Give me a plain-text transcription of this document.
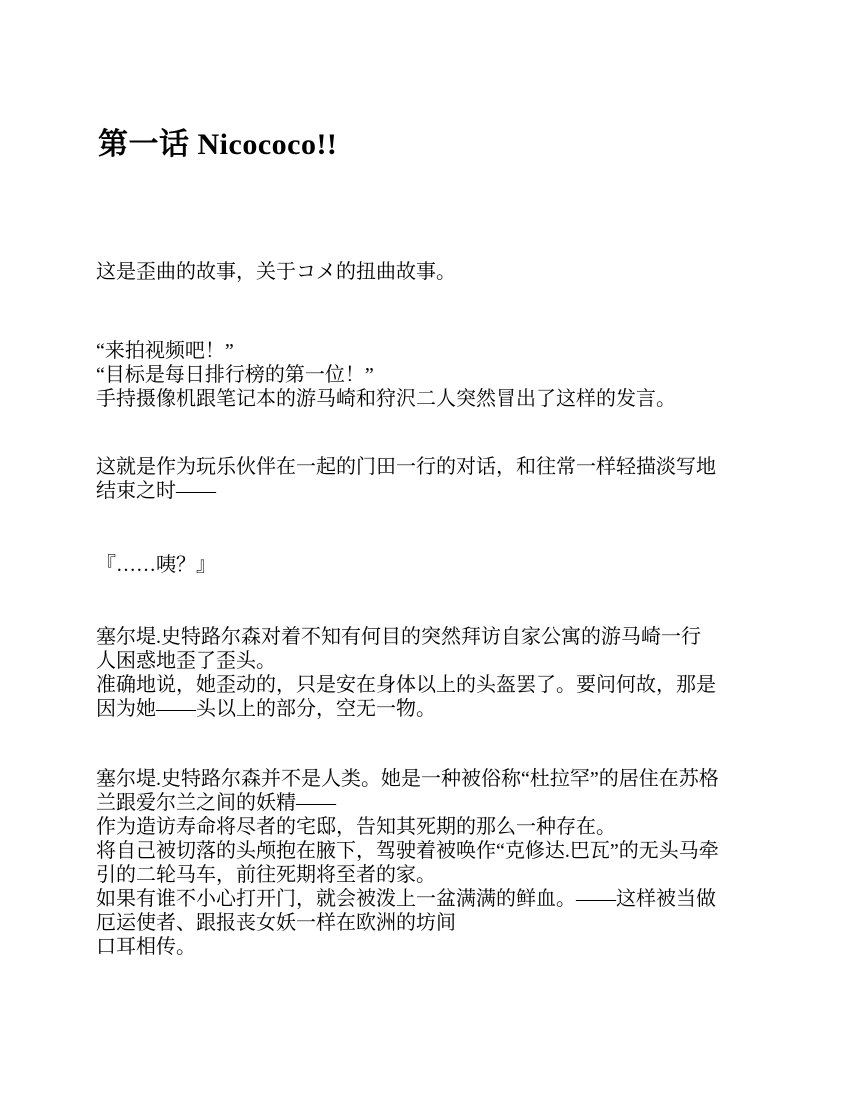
第一话 Nicococo!!
这是歪曲的故事，关于コメ的扭曲故事。
“来拍视频吧！”
“目标是每日排行榜的第一位！”
手持摄像机跟笔记本的游马崎和狩沢二人突然冒出了这样的发言。
这就是作为玩乐伙伴在一起的门田一行的对话，和往常一样轻描淡写地
结束之时——
『……咦？』
塞尔堤.史特路尔森对着不知有何目的突然拜访自家公寓的游马崎一行
人困惑地歪了歪头。
准确地说，她歪动的，只是安在身体以上的头盔罢了。要问何故，那是
因为她——头以上的部分，空无一物。
塞尔堤.史特路尔森并不是人类。她是一种被俗称“杜拉罕”的居住在苏格
兰跟爱尔兰之间的妖精——
作为造访寿命将尽者的宅邸，告知其死期的那么一种存在。
将自己被切落的头颅抱在腋下，驾驶着被唤作“克修达.巴瓦”的无头马牵
引的二轮马车，前往死期将至者的家。
如果有谁不小心打开门，就会被泼上一盆满满的鲜血。——这样被当做
厄运使者、跟报丧女妖一样在欧洲的坊间
口耳相传。
